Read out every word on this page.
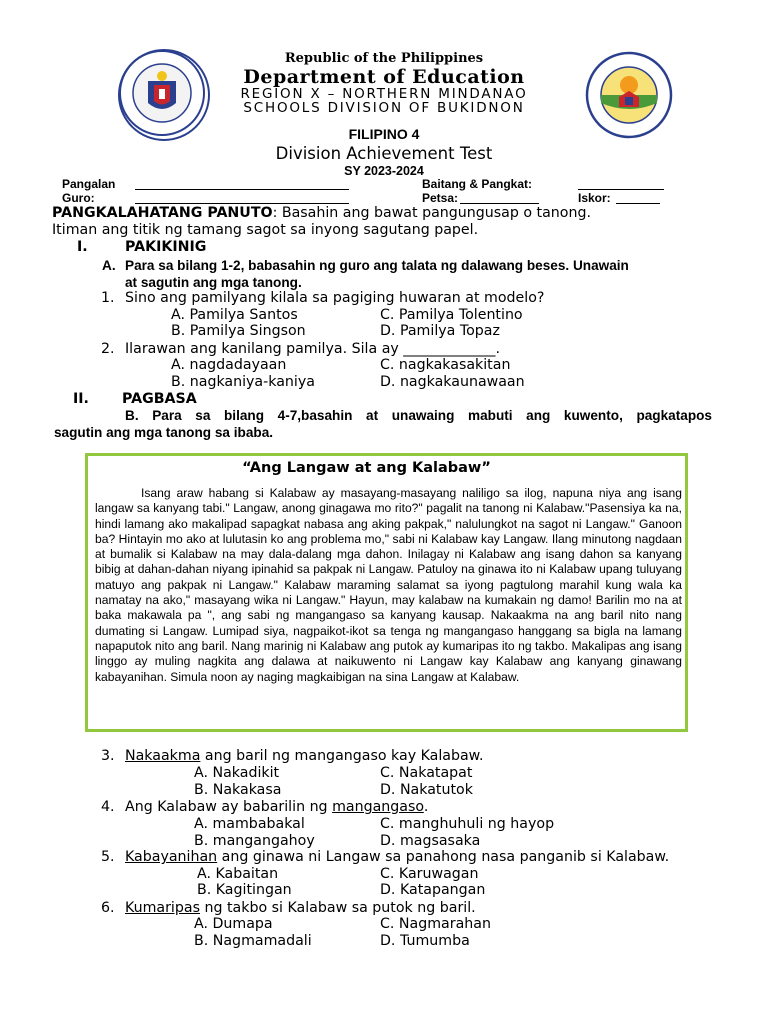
Republic of the Philippines
Department of Education
REGION X – NORTHERN MINDANAO
SCHOOLS DIVISION OF BUKIDNON
FILIPINO 4
Division Achievement Test
SY 2023-2024
Pangalan
Guro:
Baitang & Pangkat:
Petsa:	Iskor:
PANGKALAHATANG PANUTO: Basahin ang bawat pangungusap o tanong.
Itiman ang titik ng tamang sagot sa inyong sagutang papel.
I.	PAKIKINIG
A. Para sa bilang 1-2, babasahin ng guro ang talata ng dalawang beses. Unawain
at sagutin ang mga tanong.
1. Sino ang pamilyang kilala sa pagiging huwaran at modelo?
A. Pamilya Santos
B. Pamilya Singson
C. Pamilya Tolentino
D. Pamilya Topaz
2. Ilarawan ang kanilang pamilya. Sila ay _____________.
A. nagdadayaan
B. nagkaniya-kaniya
C. nagkakasakitan
D. nagkakaunawaan
II. PAGBASA
B. Para sa bilang 4-7,basahin at unawaing mabuti ang kuwento, pagkatapos
sagutin ang mga tanong sa ibaba.
“Ang Langaw at ang Kalabaw”
Isang araw habang si Kalabaw ay masayang-masayang naliligo sa ilog, napuna niya ang isang langaw sa kanyang tabi." Langaw, anong ginagawa mo rito?" pagalit na tanong ni Kalabaw."Pasensiya ka na, hindi lamang ako makalipad sapagkat nabasa ang aking pakpak," nalulungkot na sagot ni Langaw." Ganoon ba? Hintayin mo ako at lulutasin ko ang problema mo," sabi ni Kalabaw kay Langaw. Ilang minutong nagdaan at bumalik si Kalabaw na may dala-dalang mga dahon. Inilagay ni Kalabaw ang isang dahon sa kanyang bibig at dahan-dahan niyang ipinahid sa pakpak ni Langaw. Patuloy na ginawa ito ni Kalabaw upang tuluyang matuyo ang pakpak ni Langaw." Kalabaw maraming salamat sa iyong pagtulong marahil kung wala ka namatay na ako," masayang wika ni Langaw." Hayun, may kalabaw na kumakain ng damo! Barilin mo na at baka makawala pa ", ang sabi ng mangangaso sa kanyang kausap. Nakaakma na ang baril nito nang dumating si Langaw. Lumipad siya, nagpaikot-ikot sa tenga ng mangangaso hanggang sa bigla na lamang napaputok nito ang baril. Nang marinig ni Kalabaw ang putok ay kumaripas ito ng takbo. Makalipas ang isang linggo ay muling nagkita ang dalawa at naikuwento ni Langaw kay Kalabaw ang kanyang ginawang kabayanihan. Simula noon ay naging magkaibigan na sina Langaw at Kalabaw.
3. Nakaakma ang baril ng mangangaso kay Kalabaw.
A. Nakadikit
B. Nakakasa
C. Nakatapat
D. Nakatutok
4. Ang Kalabaw ay babarilin ng mangangaso.
A. mambabakal
B. mangangahoy
C. manghuhuli ng hayop
D. magsasaka
5. Kabayanihan ang ginawa ni Langaw sa panahong nasa panganib si Kalabaw.
A. Kabaitan
B. Kagitingan
C. Karuwagan
D. Katapangan
6. Kumaripas ng takbo si Kalabaw sa putok ng baril.
A. Dumapa
B. Nagmamadali
C. Nagmarahan
D. Tumumba
